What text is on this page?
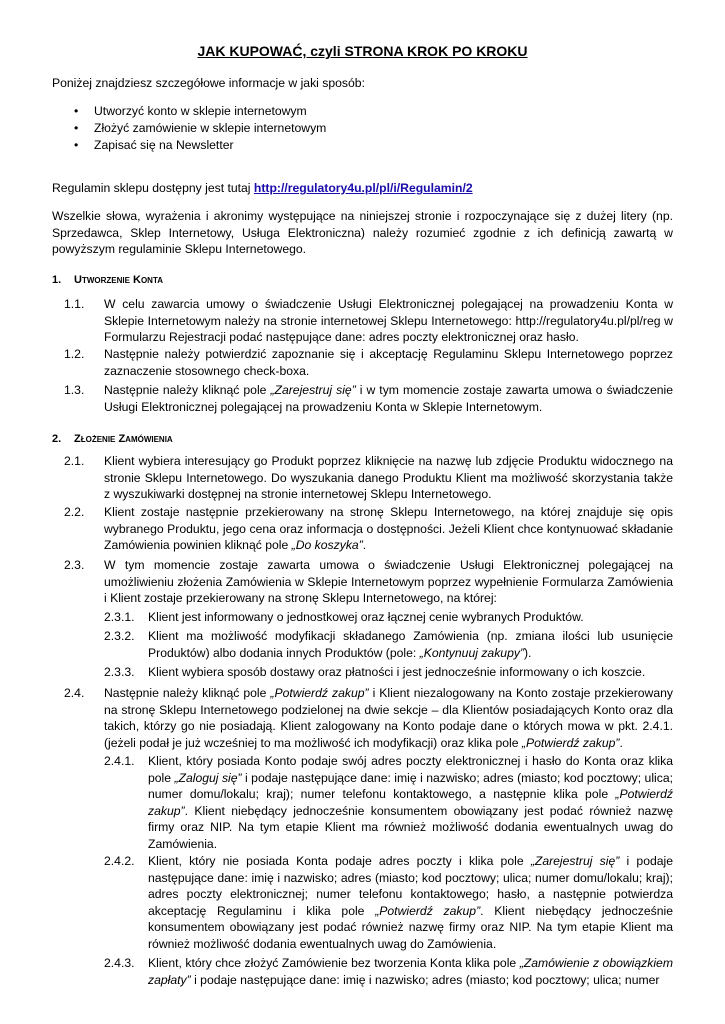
JAK KUPOWAĆ, czyli STRONA KROK PO KROKU
Poniżej znajdziesz szczegółowe informacje w jaki sposób:
• Utworzyć konto w sklepie internetowym
• Złożyć zamówienie w sklepie internetowym
• Zapisać się na Newsletter
Regulamin sklepu dostępny jest tutaj http://regulatory4u.pl/pl/i/Regulamin/2
Wszelkie słowa, wyrażenia i akronimy występujące na niniejszej stronie i rozpoczynające się z dużej litery (np. Sprzedawca, Sklep Internetowy, Usługa Elektroniczna) należy rozumieć zgodnie z ich definicją zawartą w powyższym regulaminie Sklepu Internetowego.
1. Utworzenie Konta
1.1. W celu zawarcia umowy o świadczenie Usługi Elektronicznej polegającej na prowadzeniu Konta w Sklepie Internetowym należy na stronie internetowej Sklepu Internetowego: http://regulatory4u.pl/pl/reg w Formularzu Rejestracji podać następujące dane: adres poczty elektronicznej oraz hasło.
1.2. Następnie należy potwierdzić zapoznanie się i akceptację Regulaminu Sklepu Internetowego poprzez zaznaczenie stosownego check-boxa.
1.3. Następnie należy kliknąć pole „Zarejestruj się” i w tym momencie zostaje zawarta umowa o świadczenie Usługi Elektronicznej polegającej na prowadzeniu Konta w Sklepie Internetowym.
2. Złożenie Zamówienia
2.1. Klient wybiera interesujący go Produkt poprzez kliknięcie na nazwę lub zdjęcie Produktu widocznego na stronie Sklepu Internetowego. Do wyszukania danego Produktu Klient ma możliwość skorzystania także z wyszukiwarki dostępnej na stronie internetowej Sklepu Internetowego.
2.2. Klient zostaje następnie przekierowany na stronę Sklepu Internetowego, na której znajduje się opis wybranego Produktu, jego cena oraz informacja o dostępności. Jeżeli Klient chce kontynuować składanie Zamówienia powinien kliknąć pole „Do koszyka”.
2.3. W tym momencie zostaje zawarta umowa o świadczenie Usługi Elektronicznej polegającej na umożliwieniu złożenia Zamówienia w Sklepie Internetowym poprzez wypełnienie Formularza Zamówienia i Klient zostaje przekierowany na stronę Sklepu Internetowego, na której:
2.3.1. Klient jest informowany o jednostkowej oraz łącznej cenie wybranych Produktów.
2.3.2. Klient ma możliwość modyfikacji składanego Zamówienia (np. zmiana ilości lub usunięcie Produktów) albo dodania innych Produktów (pole: „Kontynuuj zakupy”).
2.3.3. Klient wybiera sposób dostawy oraz płatności i jest jednocześnie informowany o ich koszcie.
2.4. Następnie należy kliknąć pole „Potwierdź zakup” i Klient niezalogowany na Konto zostaje przekierowany na stronę Sklepu Internetowego podzielonej na dwie sekcje – dla Klientów posiadających Konto oraz dla takich, którzy go nie posiadają. Klient zalogowany na Konto podaje dane o których mowa w pkt. 2.4.1. (jeżeli podał je już wcześniej to ma możliwość ich modyfikacji) oraz klika pole „Potwierdź zakup”.
2.4.1. Klient, który posiada Konto podaje swój adres poczty elektronicznej i hasło do Konta oraz klika pole „Zaloguj się” i podaje następujące dane: imię i nazwisko; adres (miasto; kod pocztowy; ulica; numer domu/lokalu; kraj); numer telefonu kontaktowego, a następnie klika pole „Potwierdź zakup”. Klient niebędący jednocześnie konsumentem obowiązany jest podać również nazwę firmy oraz NIP. Na tym etapie Klient ma również możliwość dodania ewentualnych uwag do Zamówienia.
2.4.2. Klient, który nie posiada Konta podaje adres poczty i klika pole „Zarejestruj się” i podaje następujące dane: imię i nazwisko; adres (miasto; kod pocztowy; ulica; numer domu/lokalu; kraj); adres poczty elektronicznej; numer telefonu kontaktowego; hasło, a następnie potwierdza akceptację Regulaminu i klika pole „Potwierdź zakup”. Klient niebędący jednocześnie konsumentem obowiązany jest podać również nazwę firmy oraz NIP. Na tym etapie Klient ma również możliwość dodania ewentualnych uwag do Zamówienia.
2.4.3. Klient, który chce złożyć Zamówienie bez tworzenia Konta klika pole „Zamówienie z obowiązkiem zapłaty” i podaje następujące dane: imię i nazwisko; adres (miasto; kod pocztowy; ulica; numer
